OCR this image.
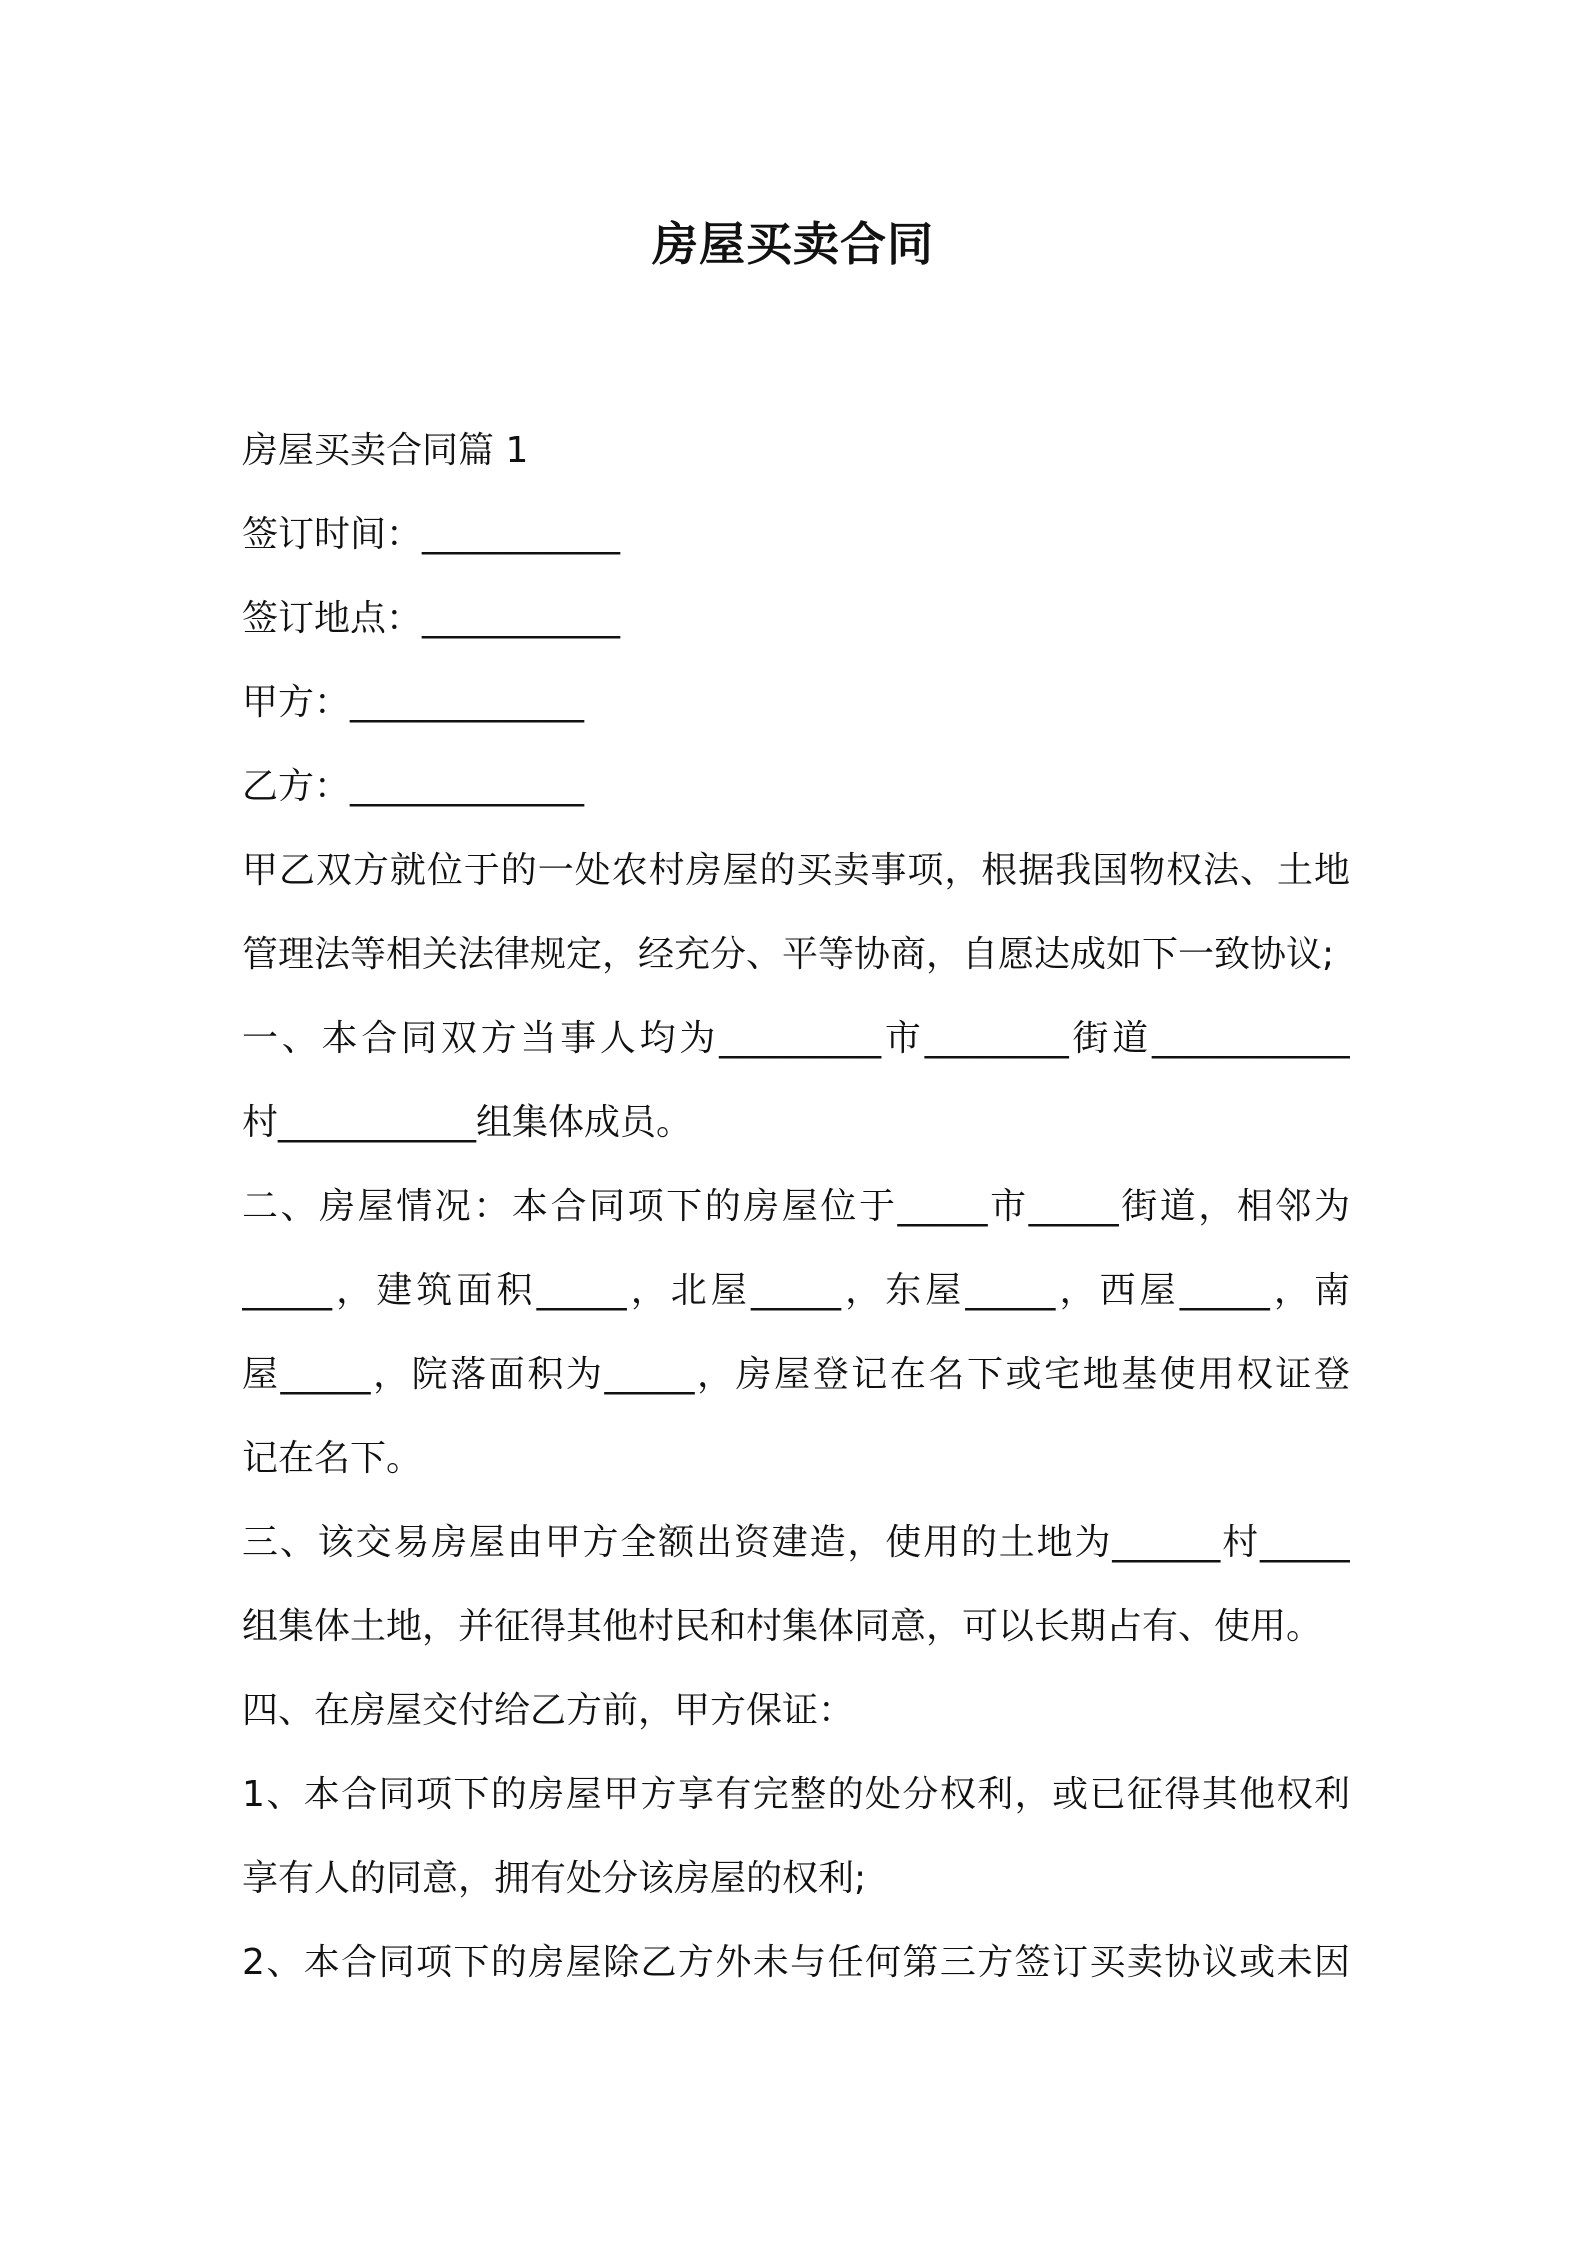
房屋买卖合同
房屋买卖合同篇 1
签订时间：___________
签订地点：___________
甲方：_____________
乙方：_____________
甲乙双方就位于的一处农村房屋的买卖事项，根据我国物权法、土地
管理法等相关法律规定，经充分、平等协商，自愿达成如下一致协议;
一、本合同双方当事人均为_________市________街道___________
村___________组集体成员。
二、房屋情况：本合同项下的房屋位于_____市_____街道，相邻为
_____，建筑面积_____，北屋_____，东屋_____，西屋_____，南
屋_____，院落面积为_____，房屋登记在名下或宅地基使用权证登
记在名下。
三、该交易房屋由甲方全额出资建造，使用的土地为______村_____
组集体土地，并征得其他村民和村集体同意，可以长期占有、使用。
四、在房屋交付给乙方前，甲方保证：
1、本合同项下的房屋甲方享有完整的处分权利，或已征得其他权利
享有人的同意，拥有处分该房屋的权利;
2、本合同项下的房屋除乙方外未与任何第三方签订买卖协议或未因
